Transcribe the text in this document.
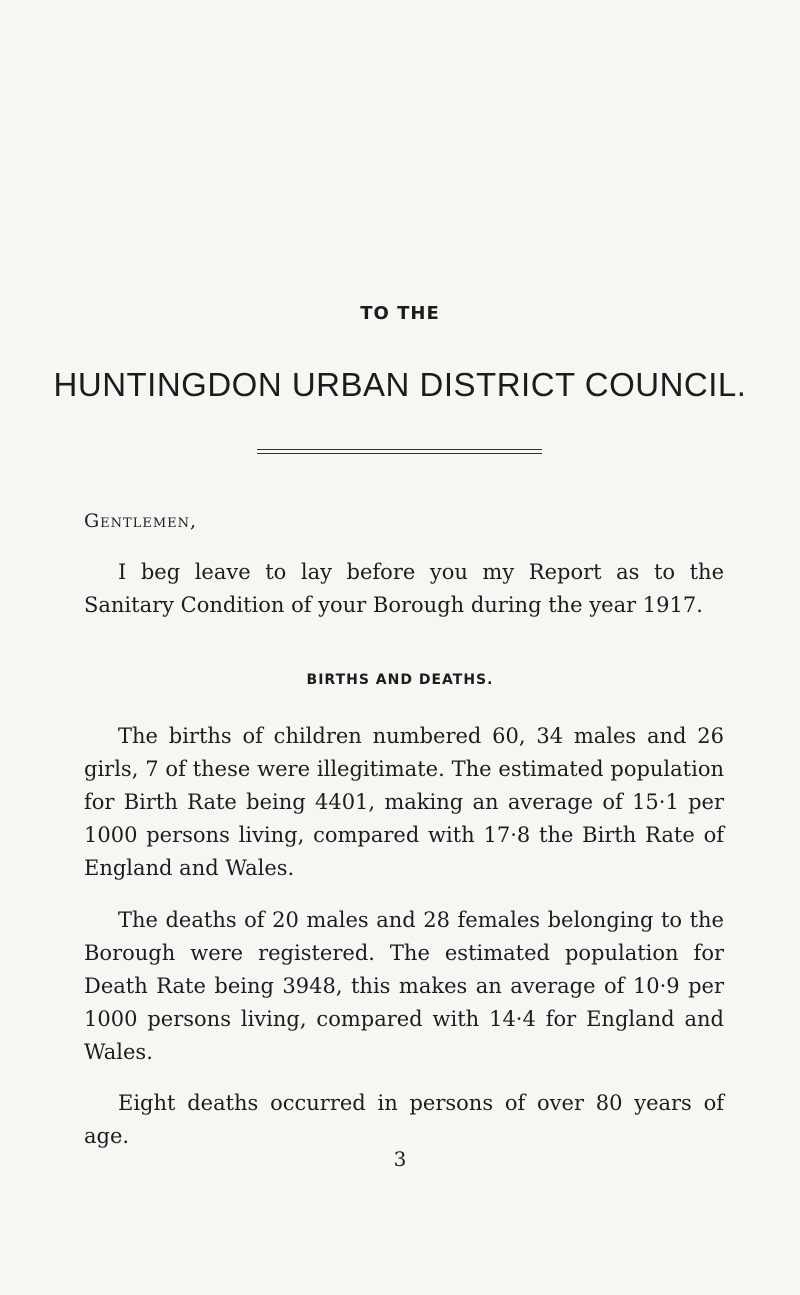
TO THE
HUNTINGDON URBAN DISTRICT COUNCIL.
Gentlemen,
I beg leave to lay before you my Report as to the Sanitary Condition of your Borough during the year 1917.
BIRTHS AND DEATHS.
The births of children numbered 60, 34 males and 26 girls, 7 of these were illegitimate. The estimated population for Birth Rate being 4401, making an average of 15·1 per 1000 persons living, compared with 17·8 the Birth Rate of England and Wales.
The deaths of 20 males and 28 females belonging to the Borough were registered. The estimated population for Death Rate being 3948, this makes an average of 10·9 per 1000 persons living, compared with 14·4 for England and Wales.
Eight deaths occurred in persons of over 80 years of age.
3
